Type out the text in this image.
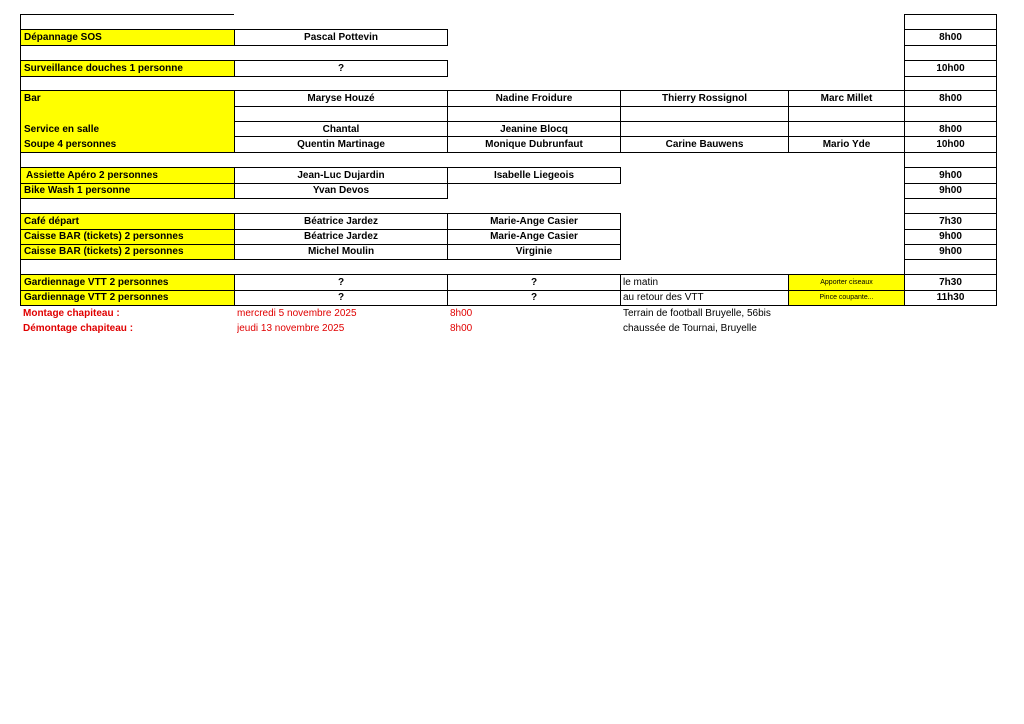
Dépannage SOS	Pascal Pottevin	8h00
Surveillance douches 1 personne	?	10h00
Bar	Maryse Houzé	Nadine Froidure	Thierry Rossignol	Marc Millet	8h00
Service en salle	Chantal	Jeanine Blocq	8h00
Soupe 4 personnes	Quentin Martinage	Monique Dubrunfaut	Carine Bauwens	Mario Yde	10h00
Assiette Apéro 2 personnes	Jean-Luc Dujardin	Isabelle Liegeois	9h00
Bike Wash 1 personne	Yvan Devos	9h00
Café départ	Béatrice Jardez	Marie-Ange Casier	7h30
Caisse BAR (tickets) 2 personnes	Béatrice Jardez	Marie-Ange Casier	9h00
Caisse BAR (tickets) 2 personnes	Michel Moulin	Virginie	9h00
Gardiennage VTT 2 personnes	?	?	le matin	Apporter ciseaux	7h30
Gardiennage VTT 2 personnes	?	?	au retour des VTT	Pince coupante...	11h30
Montage chapiteau :	mercredi 5 novembre 2025	8h00	Terrain de football Bruyelle, 56bis
Démontage chapiteau :	jeudi 13 novembre 2025	8h00	chaussée de Tournai, Bruyelle
